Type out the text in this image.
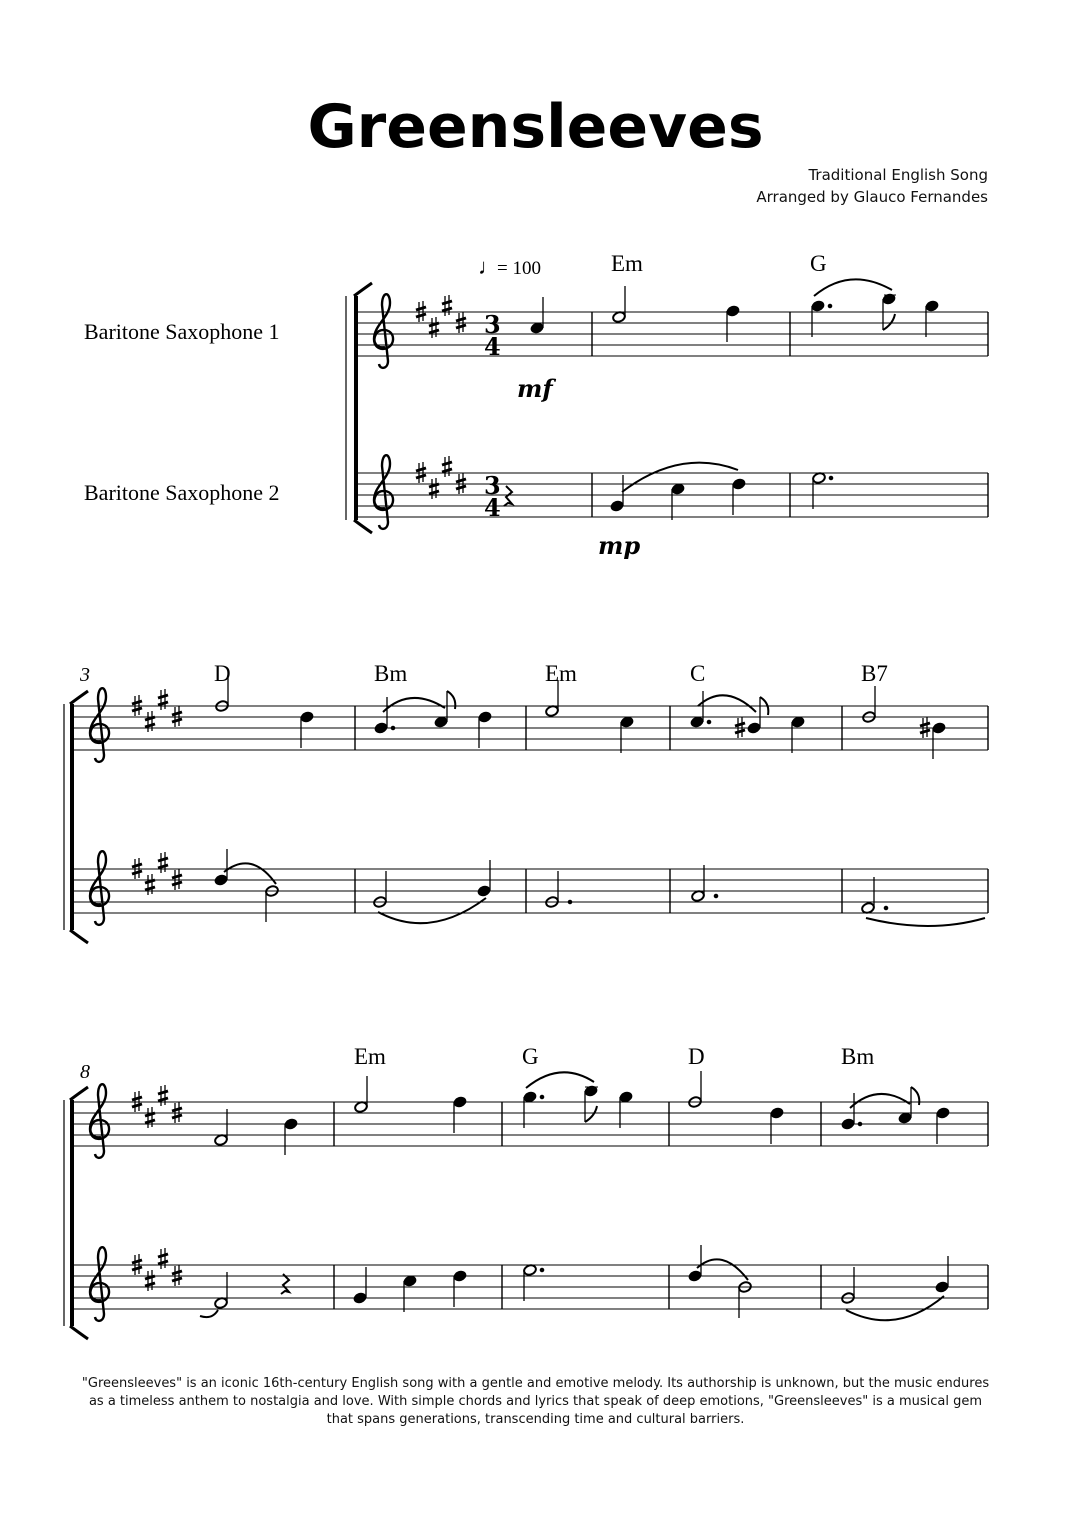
Greensleeves
Traditional English Song
Arranged by Glauco Fernandes
Baritone Saxophone 1
Baritone Saxophone 2
3
4
3
4
♩
= 100	Em	G
mf
mp
3	D	Bm	Em	C	B7
8
Em	G	D	Bm
"Greensleeves" is an iconic 16th-century English song with a gentle and emotive melody. Its authorship is unknown, but the music endures as a timeless anthem to nostalgia and love. With simple chords and lyrics that speak of deep emotions, "Greensleeves" is a musical gem that spans generations, transcending time and cultural barriers.
